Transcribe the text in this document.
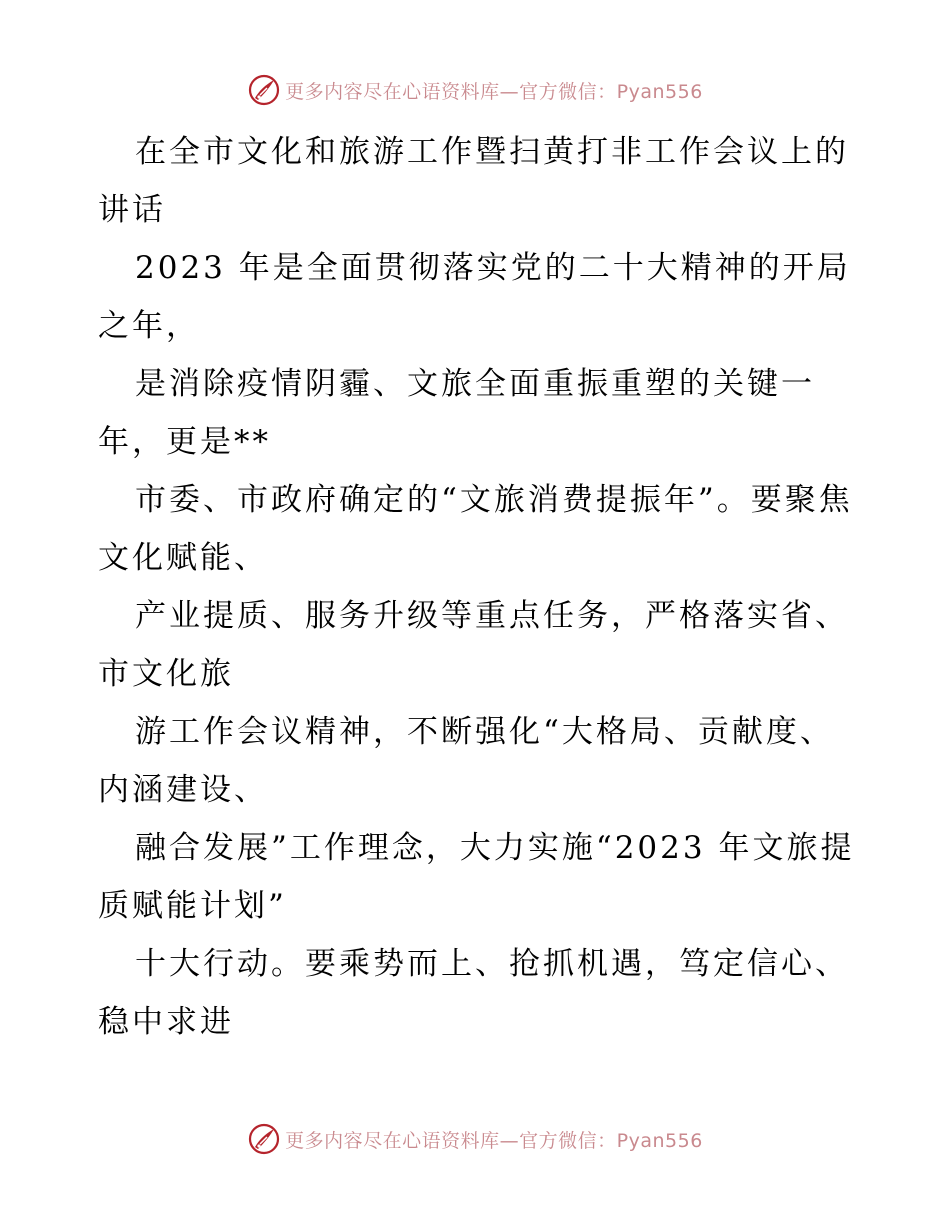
更多内容尽在心语资料库—官方微信：Pyan556

在全市文化和旅游工作暨扫黄打非工作会议上的讲话

2023 年是全面贯彻落实党的二十大精神的开局之年，

是消除疫情阴霾、文旅全面重振重塑的关键一年，更是**

市委、市政府确定的“文旅消费提振年”。要聚焦文化赋能、

产业提质、服务升级等重点任务，严格落实省、市文化旅

游工作会议精神，不断强化“大格局、贡献度、内涵建设、

融合发展”工作理念，大力实施“2023 年文旅提质赋能计划”

十大行动。要乘势而上、抢抓机遇，笃定信心、稳中求进

更多内容尽在心语资料库—官方微信：Pyan556
